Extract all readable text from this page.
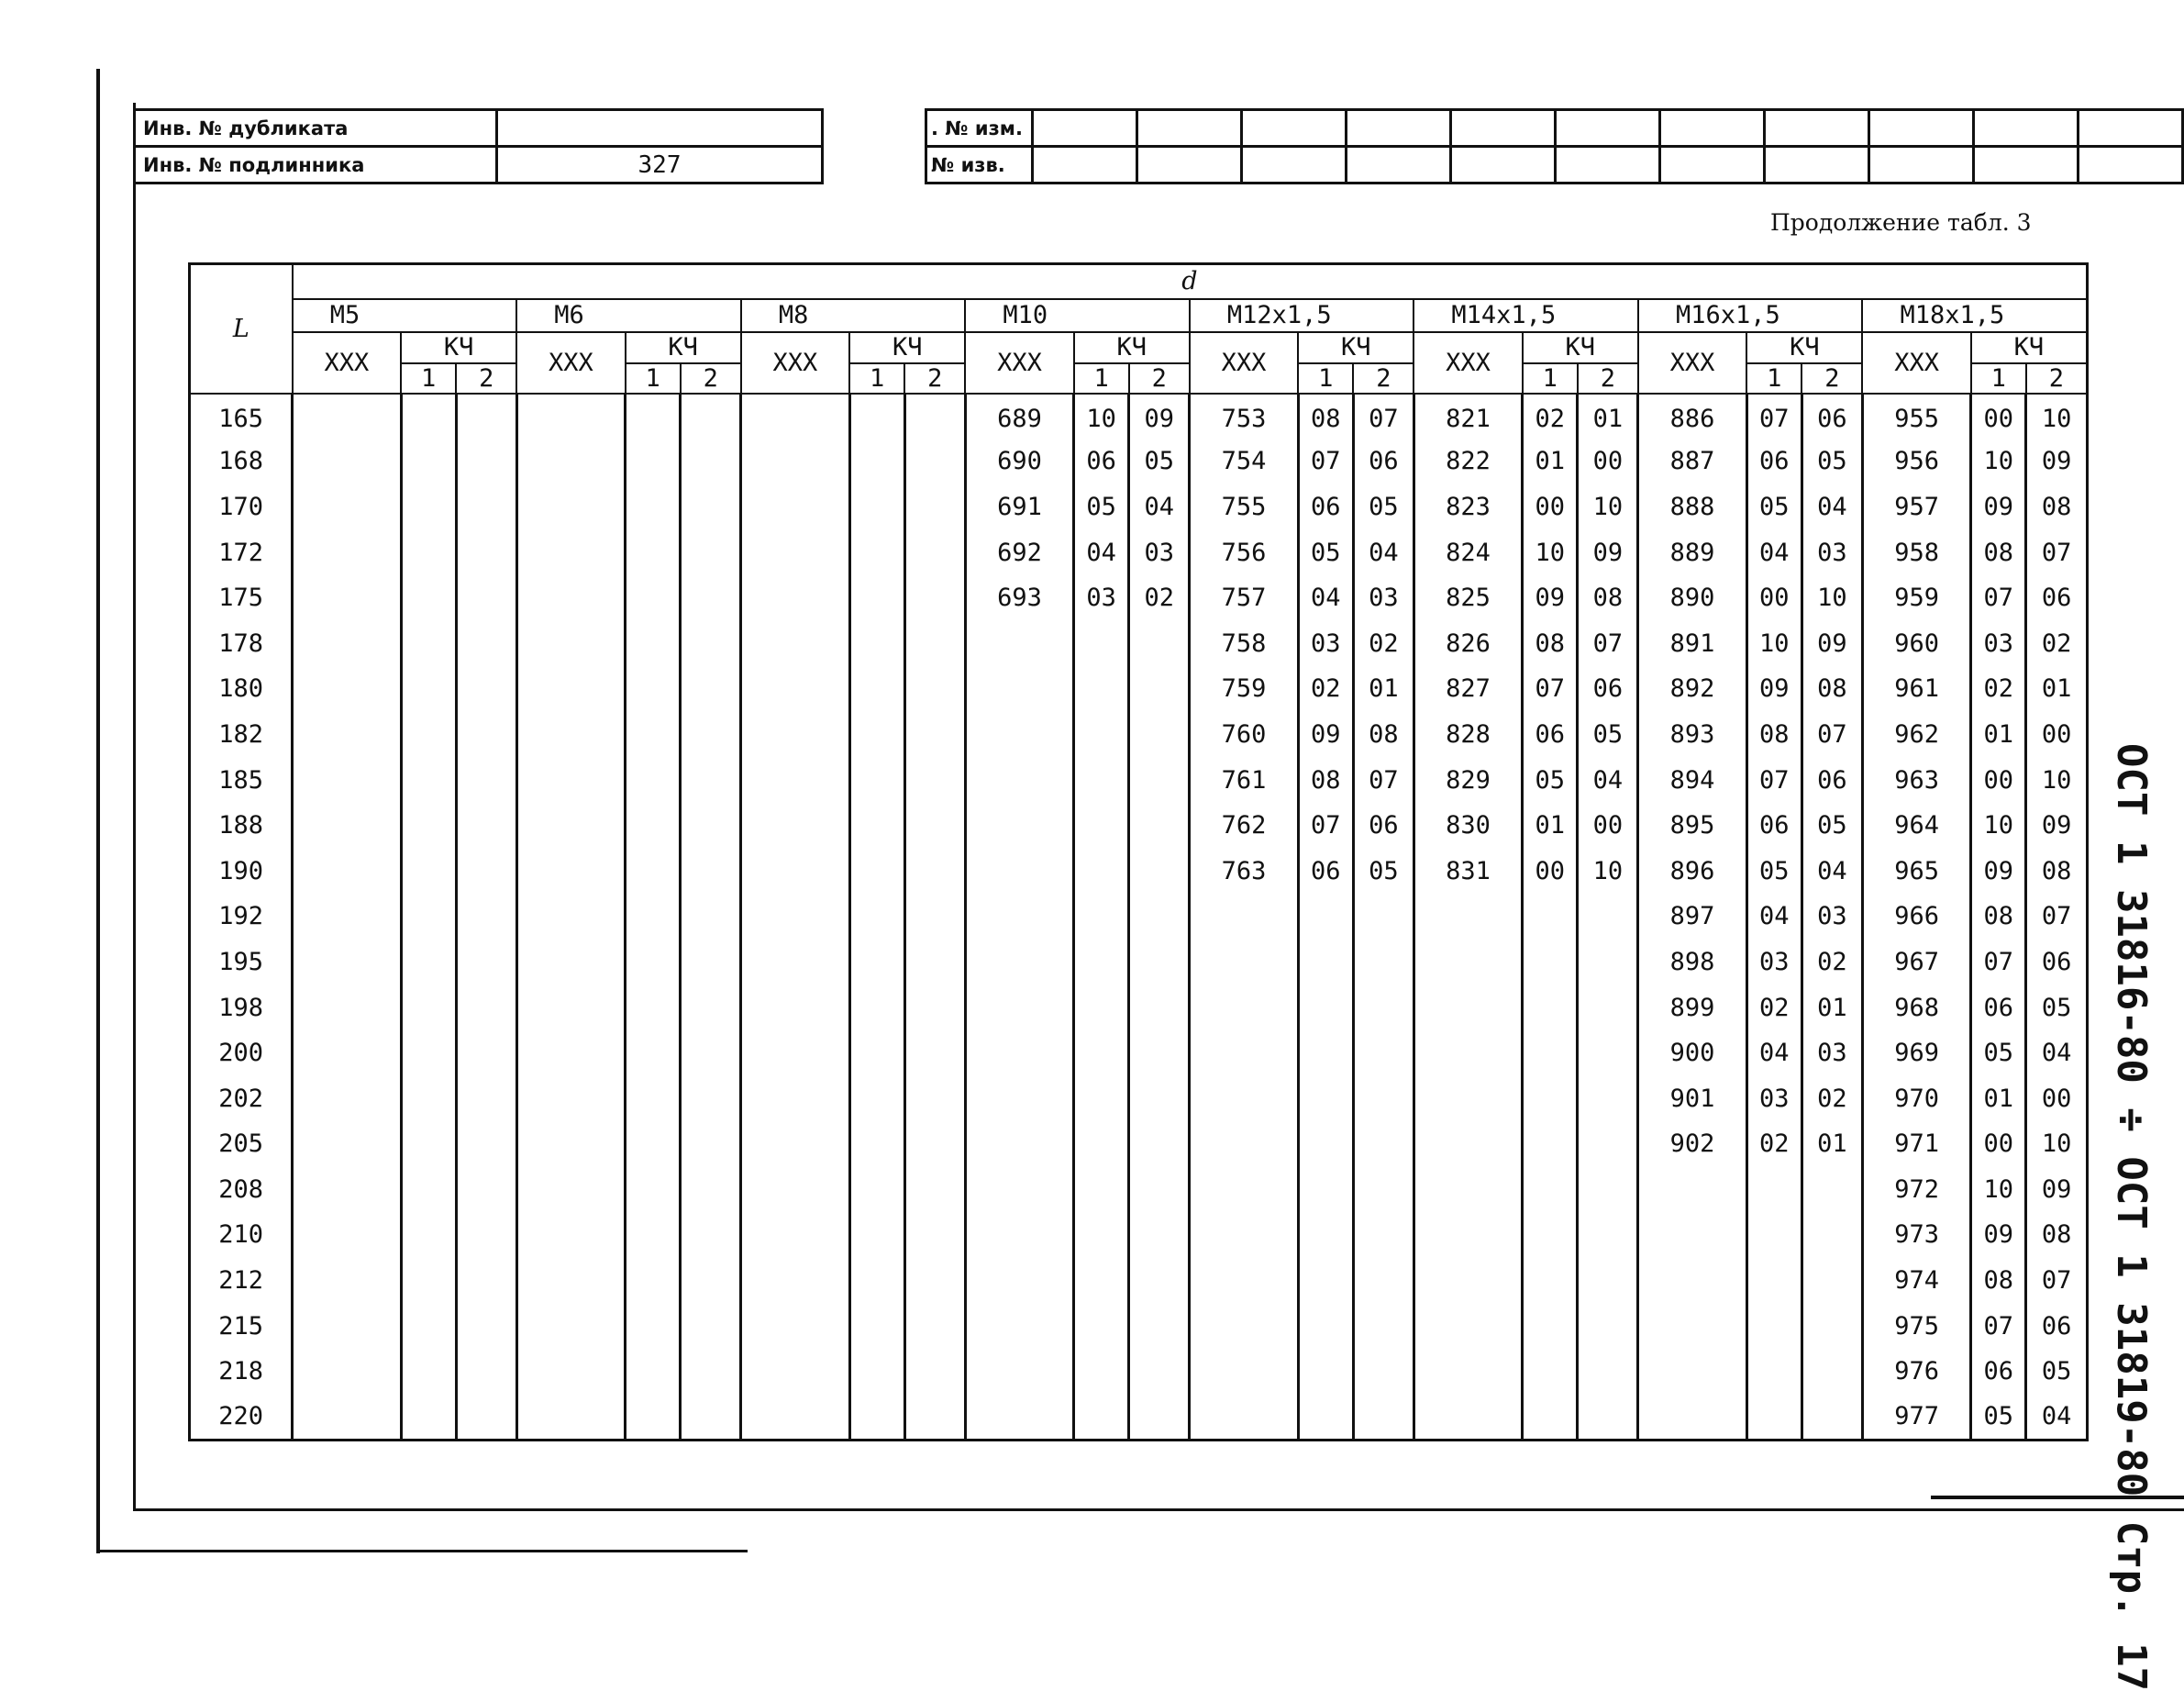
Инв. № дубликата	
Инв. № подлинника	327
. № изм.											
№ изв.											
Продолжение табл. 3
L	d																							
	M5			M6			M8			M10			M12x1,5			M14x1,5			M16x1,5			M18x1,5		
	XXX	КЧ		XXX	КЧ		XXX	КЧ		XXX	КЧ		XXX	КЧ		XXX	КЧ		XXX	КЧ		XXX	КЧ	
		1	2		1	2		1	2		1	2		1	2		1	2		1	2		1	2
165										689	10	09	753	08	07	821	02	01	886	07	06	955	00	10
168										690	06	05	754	07	06	822	01	00	887	06	05	956	10	09
170										691	05	04	755	06	05	823	00	10	888	05	04	957	09	08
172										692	04	03	756	05	04	824	10	09	889	04	03	958	08	07
175										693	03	02	757	04	03	825	09	08	890	00	10	959	07	06
178													758	03	02	826	08	07	891	10	09	960	03	02
180													759	02	01	827	07	06	892	09	08	961	02	01
182													760	09	08	828	06	05	893	08	07	962	01	00
185													761	08	07	829	05	04	894	07	06	963	00	10
188													762	07	06	830	01	00	895	06	05	964	10	09
190													763	06	05	831	00	10	896	05	04	965	09	08
192																			897	04	03	966	08	07
195																			898	03	02	967	07	06
198																			899	02	01	968	06	05
200																			900	04	03	969	05	04
202																			901	03	02	970	01	00
205																			902	02	01	971	00	10
208																						972	10	09
210																						973	09	08
212																						974	08	07
215																						975	07	06
218																						976	06	05
220																						977	05	04 ОСТ 1 31816-80 ÷ ОСТ 1 31819-80 Стр. 17
